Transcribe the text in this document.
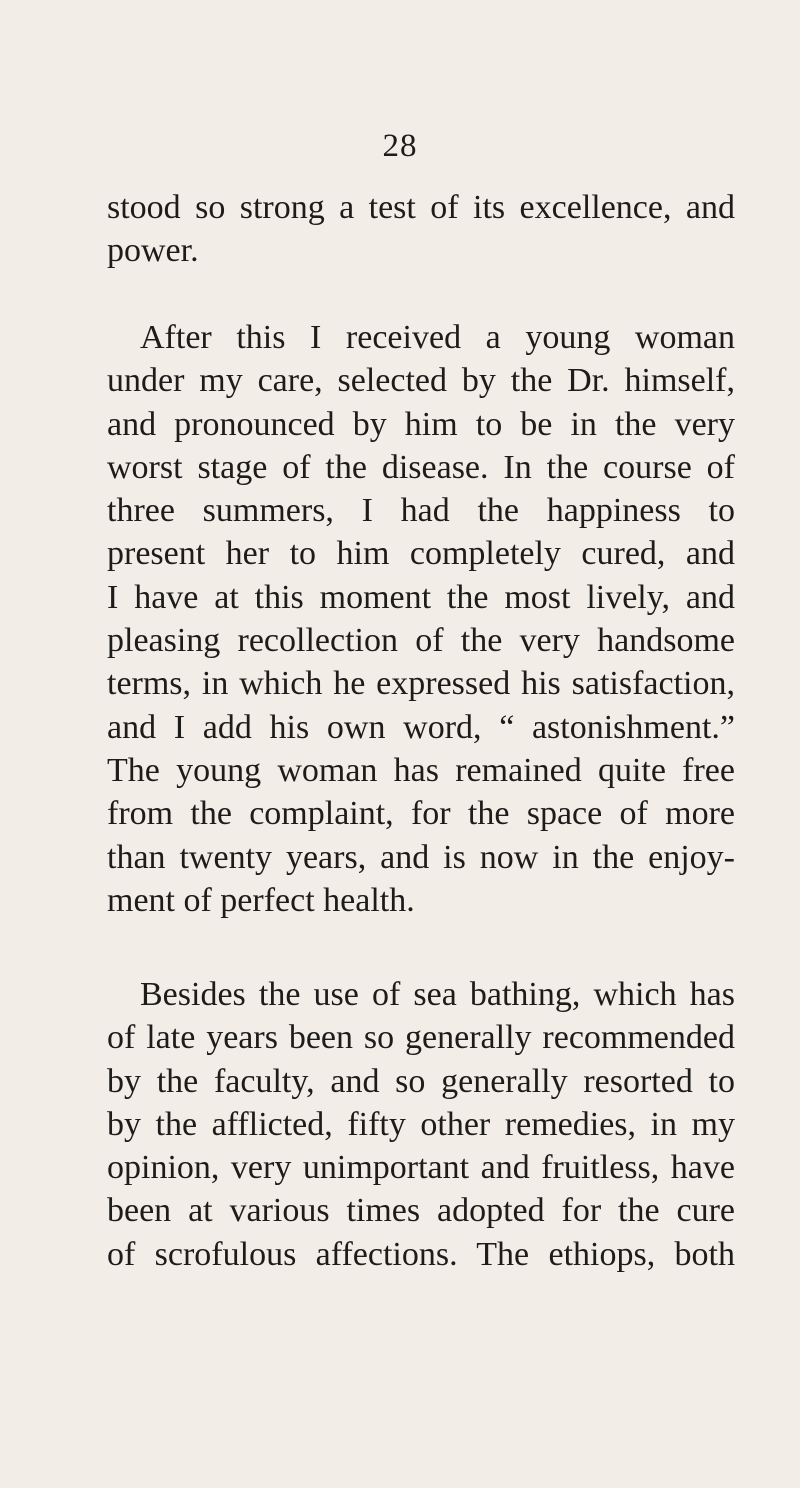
28
stood so strong a test of its excellence, and
power.
After this I received a young woman
under my care, selected by the Dr. himself,
and pronounced by him to be in the very
worst stage of the disease. In the course of
three summers, I had the happiness to
present her to him completely cured, and
I have at this moment the most lively, and
pleasing recollection of the very handsome
terms, in which he expressed his satisfaction,
and I add his own word, “ astonishment.”
The young woman has remained quite free
from the complaint, for the space of more
than twenty years, and is now in the enjoy-
ment of perfect health.
Besides the use of sea bathing, which has
of late years been so generally recommended
by the faculty, and so generally resorted to
by the afflicted, fifty other remedies, in my
opinion, very unimportant and fruitless, have
been at various times adopted for the cure
of scrofulous affections. The ethiops, both
